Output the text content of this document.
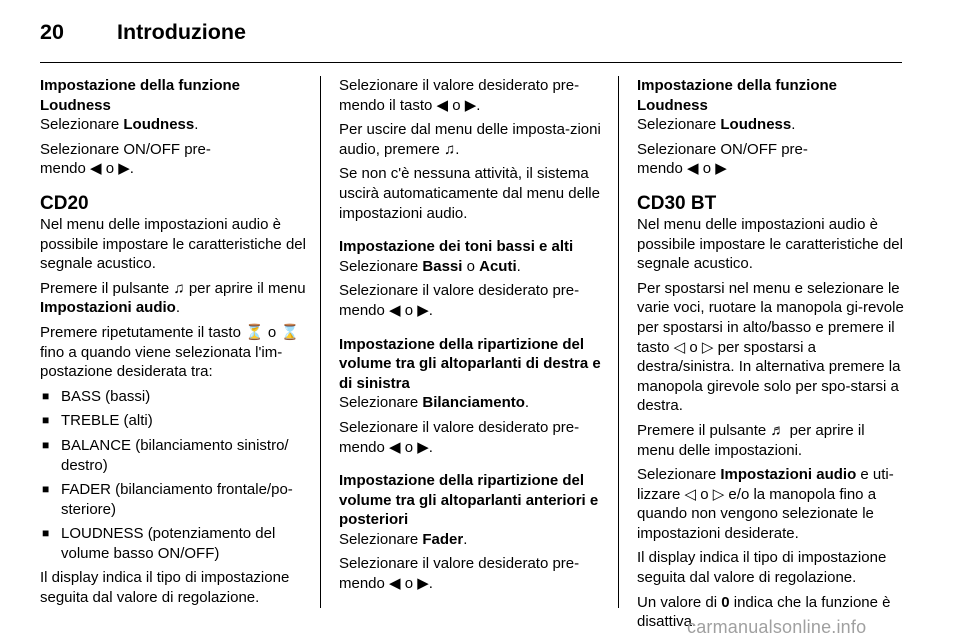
20 Introduzione

Impostazione della funzione Loudness

Selezionare Loudness.

Selezionare ON/OFF pre-
mendo ◀ o ▶.

CD20

Nel menu delle impostazioni audio è possibile impostare le caratteristiche del segnale acustico.

Premere il pulsante ♫ per aprire il menu Impostazioni audio.

Premere ripetutamente il tasto ⏳ o ⌛ fino a quando viene selezionata l'im-postazione desiderata tra:

■ BASS (bassi)
■ TREBLE (alti)
■ BALANCE (bilanciamento sinistro/ destro)
■ FADER (bilanciamento frontale/po-steriore)
■ LOUDNESS (potenziamento del volume basso ON/OFF)

Il display indica il tipo di impostazione seguita dal valore di regolazione.

Selezionare il valore desiderato pre-mendo il tasto ◀ o ▶.

Per uscire dal menu delle imposta-zioni audio, premere ♫.

Se non c'è nessuna attività, il sistema uscirà automaticamente dal menu delle impostazioni audio.

Impostazione dei toni bassi e alti

Selezionare Bassi o Acuti.

Selezionare il valore desiderato pre-mendo ◀ o ▶.

Impostazione della ripartizione del volume tra gli altoparlanti di destra e di sinistra

Selezionare Bilanciamento.

Selezionare il valore desiderato pre-mendo ◀ o ▶.

Impostazione della ripartizione del volume tra gli altoparlanti anteriori e posteriori

Selezionare Fader.

Selezionare il valore desiderato pre-mendo ◀ o ▶.

Impostazione della funzione Loudness

Selezionare Loudness.

Selezionare ON/OFF pre-
mendo ◀ o ▶

CD30 BT

Nel menu delle impostazioni audio è possibile impostare le caratteristiche del segnale acustico.

Per spostarsi nel menu e selezionare le varie voci, ruotare la manopola gi-revole per spostarsi in alto/basso e premere il tasto ◁ o ▷ per spostarsi a destra/sinistra. In alternativa premere la manopola girevole solo per spo-starsi a destra.

Premere il pulsante ♬ per aprire il menu delle impostazioni.

Selezionare Impostazioni audio e uti-lizzare ◁ o ▷ e/o la manopola fino a quando non vengono selezionate le impostazioni desiderate.

Il display indica il tipo di impostazione seguita dal valore di regolazione.

Un valore di 0 indica che la funzione è disattiva.

carmanualsonline.info
